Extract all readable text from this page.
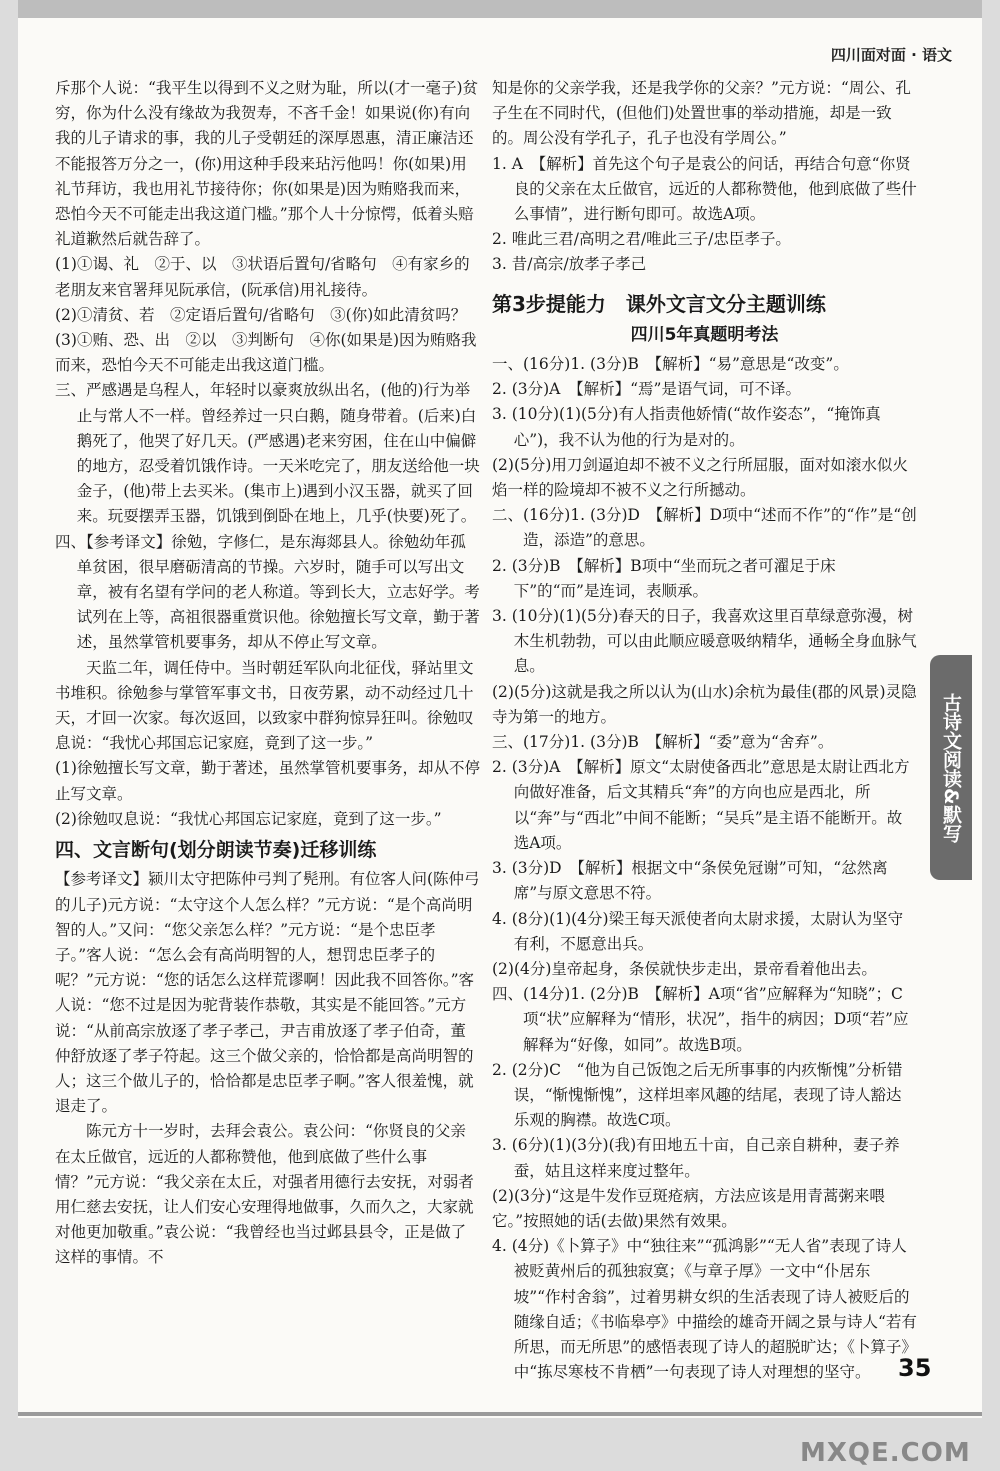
四川面对面 · 语文

斥那个人说：“我平生以得到不义之财为耻，所以(才一毫子)贫穷，你为什么没有缘故为我贺寿，不吝千金！如果说(你)有向我的儿子请求的事，我的儿子受朝廷的深厚恩惠，清正廉洁还不能报答万分之一，(你)用这种手段来玷污他吗！你(如果)用礼节拜访，我也用礼节接待你；你(如果是)因为贿赂我而来，恐怕今天不可能走出我这道门槛。”那个人十分惊愕，低着头赔礼道歉然后就告辞了。

(1)①谒、礼　②于、以　③状语后置句/省略句　④有家乡的老朋友来官署拜见阮承信，(阮承信)用礼接待。

(2)①清贫、若　②定语后置句/省略句　③(你)如此清贫吗？

(3)①贿、恐、出　②以　③判断句　④你(如果是)因为贿赂我而来，恐怕今天不可能走出我这道门槛。

三、严感遇是乌程人，年轻时以豪爽放纵出名，(他的)行为举止与常人不一样。曾经养过一只白鹅，随身带着。(后来)白鹅死了，他哭了好几天。(严感遇)老来穷困，住在山中偏僻的地方，忍受着饥饿作诗。一天米吃完了，朋友送给他一块金子，(他)带上去买米。(集市上)遇到小汉玉器，就买了回来。玩耍摆弄玉器，饥饿到倒卧在地上，几乎(快要)死了。

四、【参考译文】徐勉，字修仁，是东海郯县人。徐勉幼年孤单贫困，很早磨砺清高的节操。六岁时，随手可以写出文章，被有名望有学问的老人称道。等到长大，立志好学。考试列在上等，高祖很器重赏识他。徐勉擅长写文章，勤于著述，虽然掌管机要事务，却从不停止写文章。

天监二年，调任侍中。当时朝廷军队向北征伐，驿站里文书堆积。徐勉参与掌管军事文书，日夜劳累，动不动经过几十天，才回一次家。每次返回，以致家中群狗惊异狂叫。徐勉叹息说：“我忧心邦国忘记家庭，竟到了这一步。”

(1)徐勉擅长写文章，勤于著述，虽然掌管机要事务，却从不停止写文章。

(2)徐勉叹息说：“我忧心邦国忘记家庭，竟到了这一步。”

四、文言断句(划分朗读节奏)迁移训练

【参考译文】颍川太守把陈仲弓判了髡刑。有位客人问(陈仲弓的儿子)元方说：“太守这个人怎么样？”元方说：“是个高尚明智的人。”又问：“您父亲怎么样？”元方说：“是个忠臣孝子。”客人说：“怎么会有高尚明智的人，想罚忠臣孝子的呢？”元方说：“您的话怎么这样荒谬啊！因此我不回答你。”客人说：“您不过是因为驼背装作恭敬，其实是不能回答。”元方说：“从前高宗放逐了孝子孝己，尹吉甫放逐了孝子伯奇，董仲舒放逐了孝子符起。这三个做父亲的，恰恰都是高尚明智的人；这三个做儿子的，恰恰都是忠臣孝子啊。”客人很羞愧，就退走了。

陈元方十一岁时，去拜会袁公。袁公问：“你贤良的父亲在太丘做官，远近的人都称赞他，他到底做了些什么事情？”元方说：“我父亲在太丘，对强者用德行去安抚，对弱者用仁慈去安抚，让人们安心安理得地做事，久而久之，大家就对他更加敬重。”袁公说：“我曾经也当过邺县县令，正是做了这样的事情。不

知是你的父亲学我，还是我学你的父亲？”元方说：“周公、孔子生在不同时代，(但他们)处置世事的举动措施，却是一致的。周公没有学孔子，孔子也没有学周公。”

1. A　【解析】首先这个句子是袁公的问话，再结合句意“你贤良的父亲在太丘做官，远近的人都称赞他，他到底做了些什么事情”，进行断句即可。故选A项。

2. 唯此三君/高明之君/唯此三子/忠臣孝子。

3. 昔/高宗/放孝子孝己

第3步提能力　课外文言文分主题训练
四川5年真题明考法

一、(16分)1. (3分)B　【解析】“易”意思是“改变”。

2. (3分)A　【解析】“焉”是语气词，可不译。

3. (10分)(1)(5分)有人指责他娇情(“故作姿态”，“掩饰真心”)，我不认为他的行为是对的。

(2)(5分)用刀剑逼迫却不被不义之行所屈服，面对如滚水似火焰一样的险境却不被不义之行所撼动。

二、(16分)1. (3分)D　【解析】D项中“述而不作”的“作”是“创造，添造”的意思。

2. (3分)B　【解析】B项中“坐而玩之者可濯足于床下”的“而”是连词，表顺承。

3. (10分)(1)(5分)春天的日子，我喜欢这里百草绿意弥漫，树木生机勃勃，可以由此顺应暖意吸纳精华，通畅全身血脉气息。

(2)(5分)这就是我之所以认为(山水)余杭为最佳(郡的风景)灵隐寺为第一的地方。

三、(17分)1. (3分)B　【解析】“委”意为“舍弃”。

2. (3分)A　【解析】原文“太尉使备西北”意思是太尉让西北方向做好准备，后文其精兵“奔”的方向也应是西北，所以“奔”与“西北”中间不能断；“吴兵”是主语不能断开。故选A项。

3. (3分)D　【解析】根据文中“条侯免冠谢”可知，“忿然离席”与原文意思不符。

4. (8分)(1)(4分)梁王每天派使者向太尉求援，太尉认为坚守有利，不愿意出兵。

(2)(4分)皇帝起身，条侯就快步走出，景帝看着他出去。

四、(14分)1. (2分)B　【解析】A项“省”应解释为“知晓”；C项“状”应解释为“情形，状况”，指牛的病因；D项“若”应解释为“好像，如同”。故选B项。

2. (2分)C　“他为自己饭饱之后无所事事的内疚惭愧”分析错误，“惭愧惭愧”，这样坦率风趣的结尾，表现了诗人豁达乐观的胸襟。故选C项。

3. (6分)(1)(3分)(我)有田地五十亩，自己亲自耕种，妻子养蚕，姑且这样来度过整年。

(2)(3分)“这是牛发作豆斑疮病，方法应该是用青蒿粥来喂它。”按照她的话(去做)果然有效果。

4. (4分)《卜算子》中“独往来”“孤鸿影”“无人省”表现了诗人被贬黄州后的孤独寂寞；《与章子厚》一文中“仆居东坡”“作村舍翁”，过着男耕女织的生活表现了诗人被贬后的随缘自适；《书临皋亭》中描绘的雄奇开阔之景与诗人“若有所思，而无所思”的感悟表现了诗人的超脱旷达；《卜算子》中“拣尽寒枝不肯栖”一句表现了诗人对理想的坚守。

古诗文阅读&默写
35
MXQE.COM
